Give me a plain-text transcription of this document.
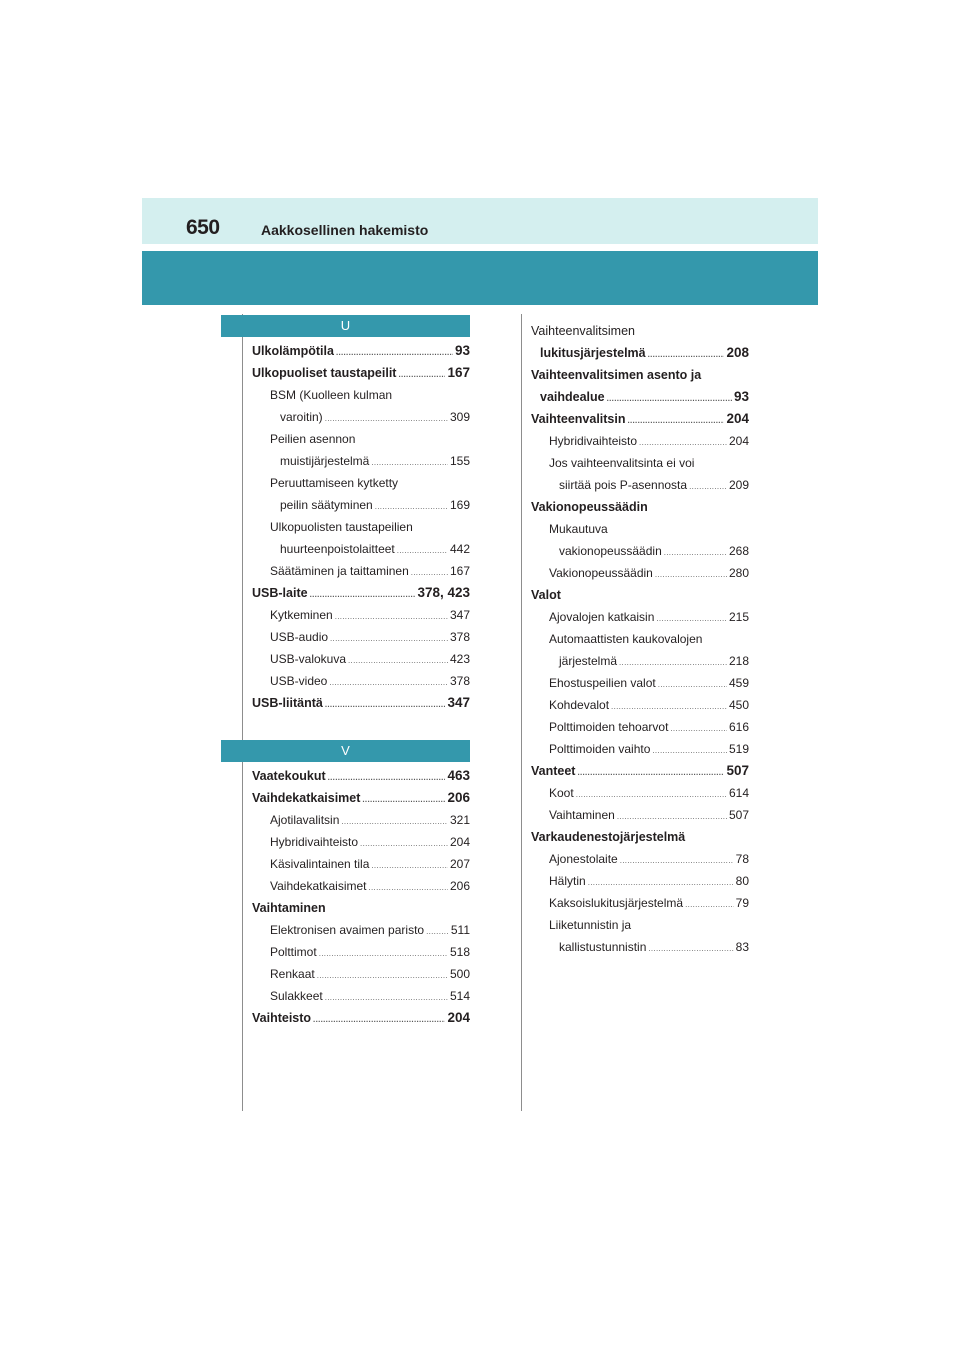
650	Aakkosellinen hakemisto
U
Ulkolämpötila .....	93
Ulkopuoliset taustapeilit .....	167
BSM (Kuolleen kulman
varoitin) .....	309
Peilien asennon
muistijärjestelmä .....	155
Peruuttamiseen kytketty
peilin säätyminen .....	169
Ulkopuolisten taustapeilien
huurteenpoistolaitteet .....	442
Säätäminen ja taittaminen .....	167
USB-laite .....	378, 423
Kytkeminen .....	347
USB-audio .....	378
USB-valokuva .....	423
USB-video .....	378
USB-liitäntä .....	347
V
Vaatekoukut .....	463
Vaihdekatkaisimet .....	206
Ajotilavalitsin .....	321
Hybridivaihteisto .....	204
Käsivalintainen tila .....	207
Vaihdekatkaisimet .....	206
Vaihtaminen
Elektronisen avaimen paristo ..... 511
Polttimot .....	518
Renkaat .....	500
Sulakkeet .....	514
Vaihteisto .....	204
Vaihteenvalitsimen
lukitusjärjestelmä .....	208
Vaihteenvalitsimen asento ja
vaihdealue .....	93
Vaihteenvalitsin .....	204
Hybridivaihteisto .....	204
Jos vaihteenvalitsinta ei voi
siirtää pois P-asennosta .....	209
Vakionopeussäädin
Mukautuva
vakionopeussäädin .....	268
Vakionopeussäädin .....	280
Valot
Ajovalojen katkaisin .....	215
Automaattisten kaukovalojen
järjestelmä .....	218
Ehostuspeilien valot .....	459
Kohdevalot .....	450
Polttimoiden tehoarvot .....	616
Polttimoiden vaihto .....	519
Vanteet .....	507
Koot .....	614
Vaihtaminen .....	507
Varkaudenestojärjestelmä
Ajonestolaite .....	78
Hälytin .....	80
Kaksoislukitusjärjestelmä .....	79
Liiketunnistin ja
kallistustunnistin .....	83
